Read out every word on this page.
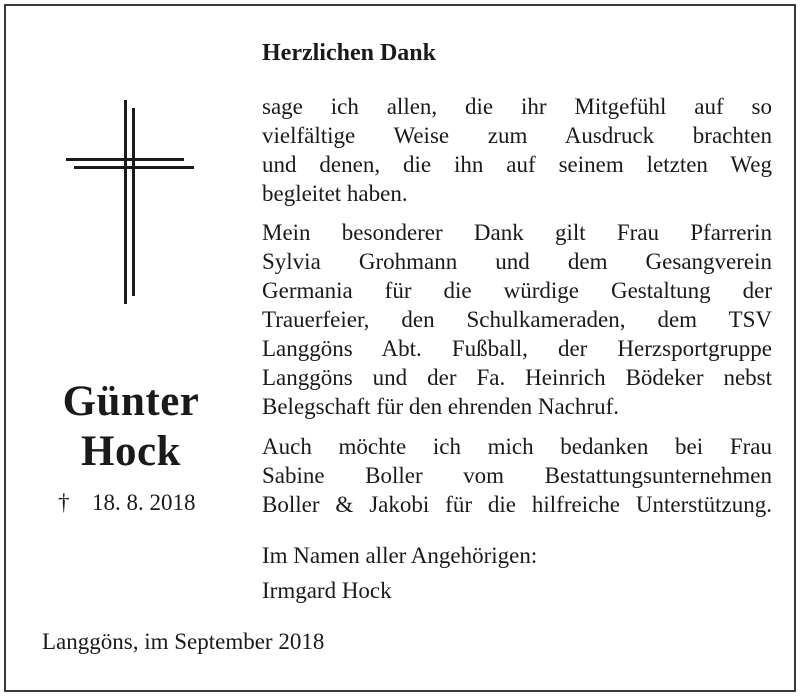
Günter
Hock
† 18. 8. 2018
Herzlichen Dank
sage ich allen, die ihr Mitgefühl auf so
vielfältige Weise zum Ausdruck brachten
und denen, die ihn auf seinem letzten Weg
begleitet haben.
Mein besonderer Dank gilt Frau Pfarrerin
Sylvia Grohmann und dem Gesangverein
Germania für die würdige Gestaltung der
Trauerfeier, den Schulkameraden, dem TSV
Langgöns Abt. Fußball, der Herzsportgruppe
Langgöns und der Fa. Heinrich Bödeker nebst
Belegschaft für den ehrenden Nachruf.
Auch möchte ich mich bedanken bei Frau
Sabine Boller vom Bestattungsunternehmen
Boller & Jakobi für die hilfreiche Unterstützung.
Im Namen aller Angehörigen:
Irmgard Hock
Langgöns, im September 2018
